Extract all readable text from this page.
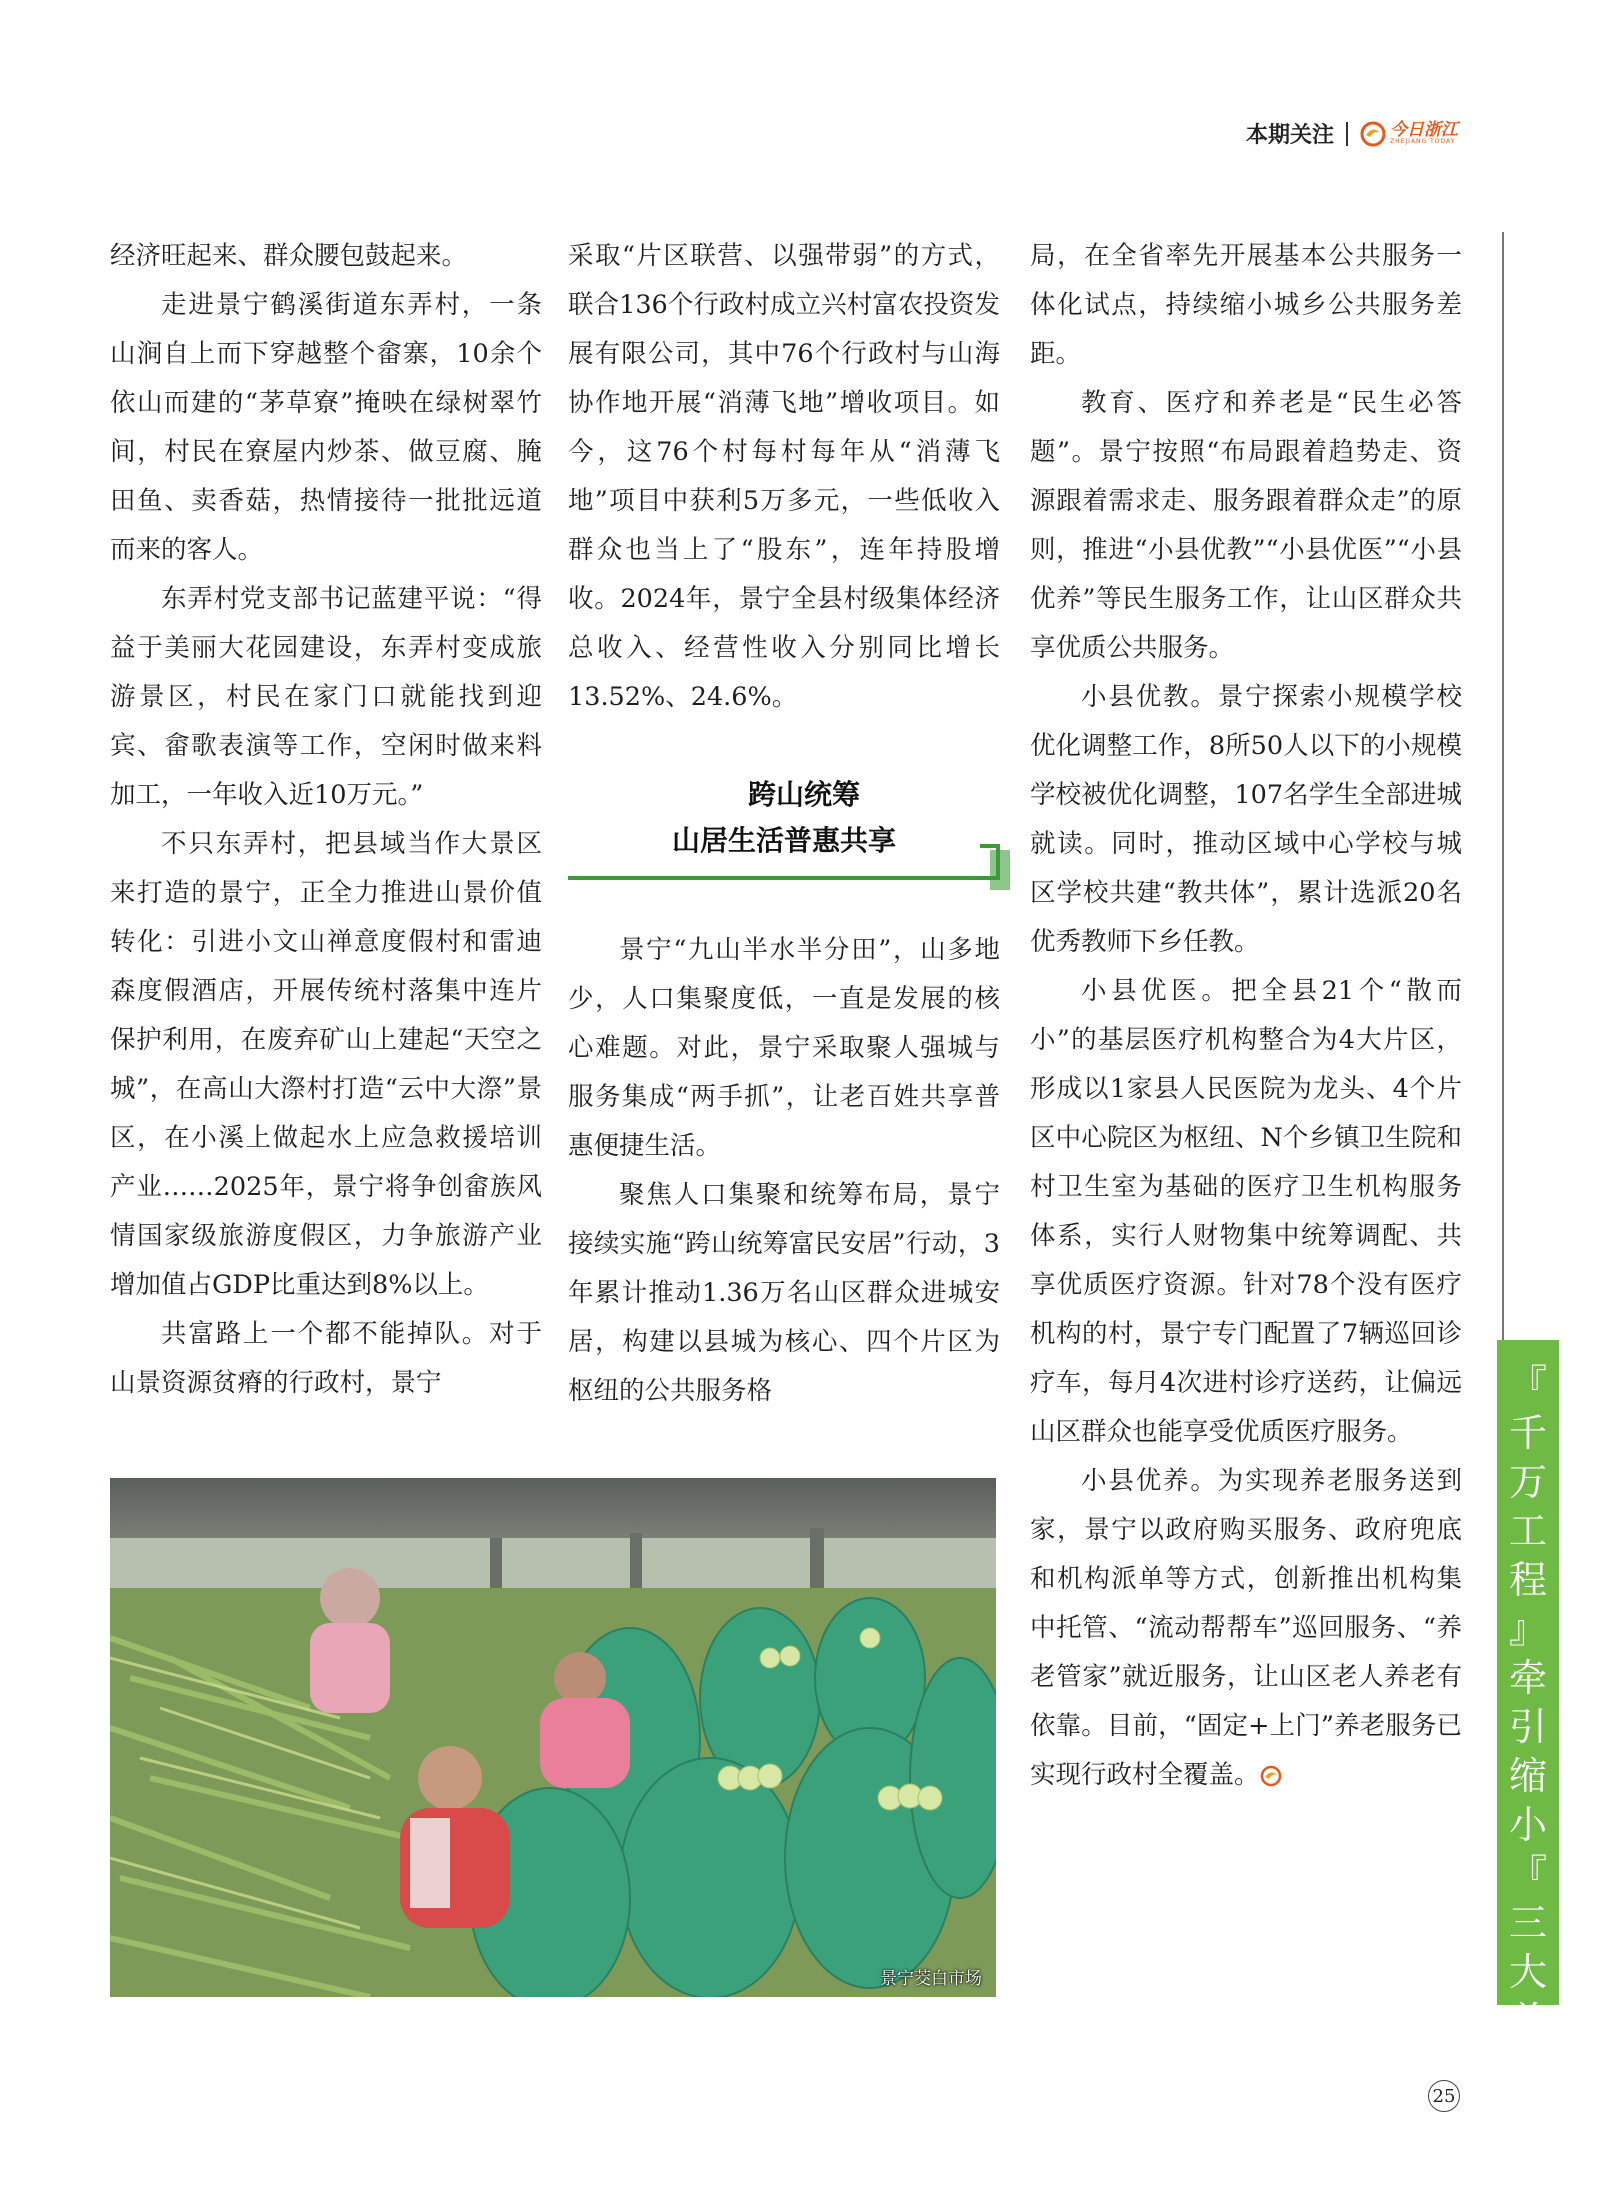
本期关注	今日浙江
ZHEJIANG TODAY

经济旺起来、群众腰包鼓起来。

走进景宁鹤溪街道东弄村，一条山涧自上而下穿越整个畲寨，10余个依山而建的“茅草寮”掩映在绿树翠竹间，村民在寮屋内炒茶、做豆腐、腌田鱼、卖香菇，热情接待一批批远道而来的客人。

东弄村党支部书记蓝建平说：“得益于美丽大花园建设，东弄村变成旅游景区，村民在家门口就能找到迎宾、畲歌表演等工作，空闲时做来料加工，一年收入近10万元。”

不只东弄村，把县域当作大景区来打造的景宁，正全力推进山景价值转化：引进小文山禅意度假村和雷迪森度假酒店，开展传统村落集中连片保护利用，在废弃矿山上建起“天空之城”，在高山大漈村打造“云中大漈”景区，在小溪上做起水上应急救援培训产业……2025年，景宁将争创畲族风情国家级旅游度假区，力争旅游产业增加值占GDP比重达到8%以上。

共富路上一个都不能掉队。对于山景资源贫瘠的行政村，景宁

采取“片区联营、以强带弱”的方式，联合136个行政村成立兴村富农投资发展有限公司，其中76个行政村与山海协作地开展“消薄飞地”增收项目。如今，这76个村每村每年从“消薄飞地”项目中获利5万多元，一些低收入群众也当上了“股东”，连年持股增收。2024年，景宁全县村级集体经济总收入、经营性收入分别同比增长13.52%、24.6%。

跨山统筹
山居生活普惠共享

景宁“九山半水半分田”，山多地少，人口集聚度低，一直是发展的核心难题。对此，景宁采取聚人强城与服务集成“两手抓”，让老百姓共享普惠便捷生活。

聚焦人口集聚和统筹布局，景宁接续实施“跨山统筹富民安居”行动，3年累计推动1.36万名山区群众进城安居，构建以县城为核心、四个片区为枢纽的公共服务格

局，在全省率先开展基本公共服务一体化试点，持续缩小城乡公共服务差距。

教育、医疗和养老是“民生必答题”。景宁按照“布局跟着趋势走、资源跟着需求走、服务跟着群众走”的原则，推进“小县优教”“小县优医”“小县优养”等民生服务工作，让山区群众共享优质公共服务。

小县优教。景宁探索小规模学校优化调整工作，8所50人以下的小规模学校被优化调整，107名学生全部进城就读。同时，推动区域中心学校与城区学校共建“教共体”，累计选派20名优秀教师下乡任教。

小县优医。把全县21个“散而小”的基层医疗机构整合为4大片区，形成以1家县人民医院为龙头、4个片区中心院区为枢纽、N个乡镇卫生院和村卫生室为基础的医疗卫生机构服务体系，实行人财物集中统筹调配、共享优质医疗资源。针对78个没有医疗机构的村，景宁专门配置了7辆巡回诊疗车，每月4次进村诊疗送药，让偏远山区群众也能享受优质医疗服务。

小县优养。为实现养老服务送到家，景宁以政府购买服务、政府兜底和机构派单等方式，创新推出机构集中托管、“流动帮帮车”巡回服务、“养老管家”就近服务，让山区老人养老有依靠。目前，“固定+上门”养老服务已实现行政村全覆盖。

景宁茭白市场
『
千
万
工
程
』
牵
引
缩
小
『
三
大
差
距
』
25
